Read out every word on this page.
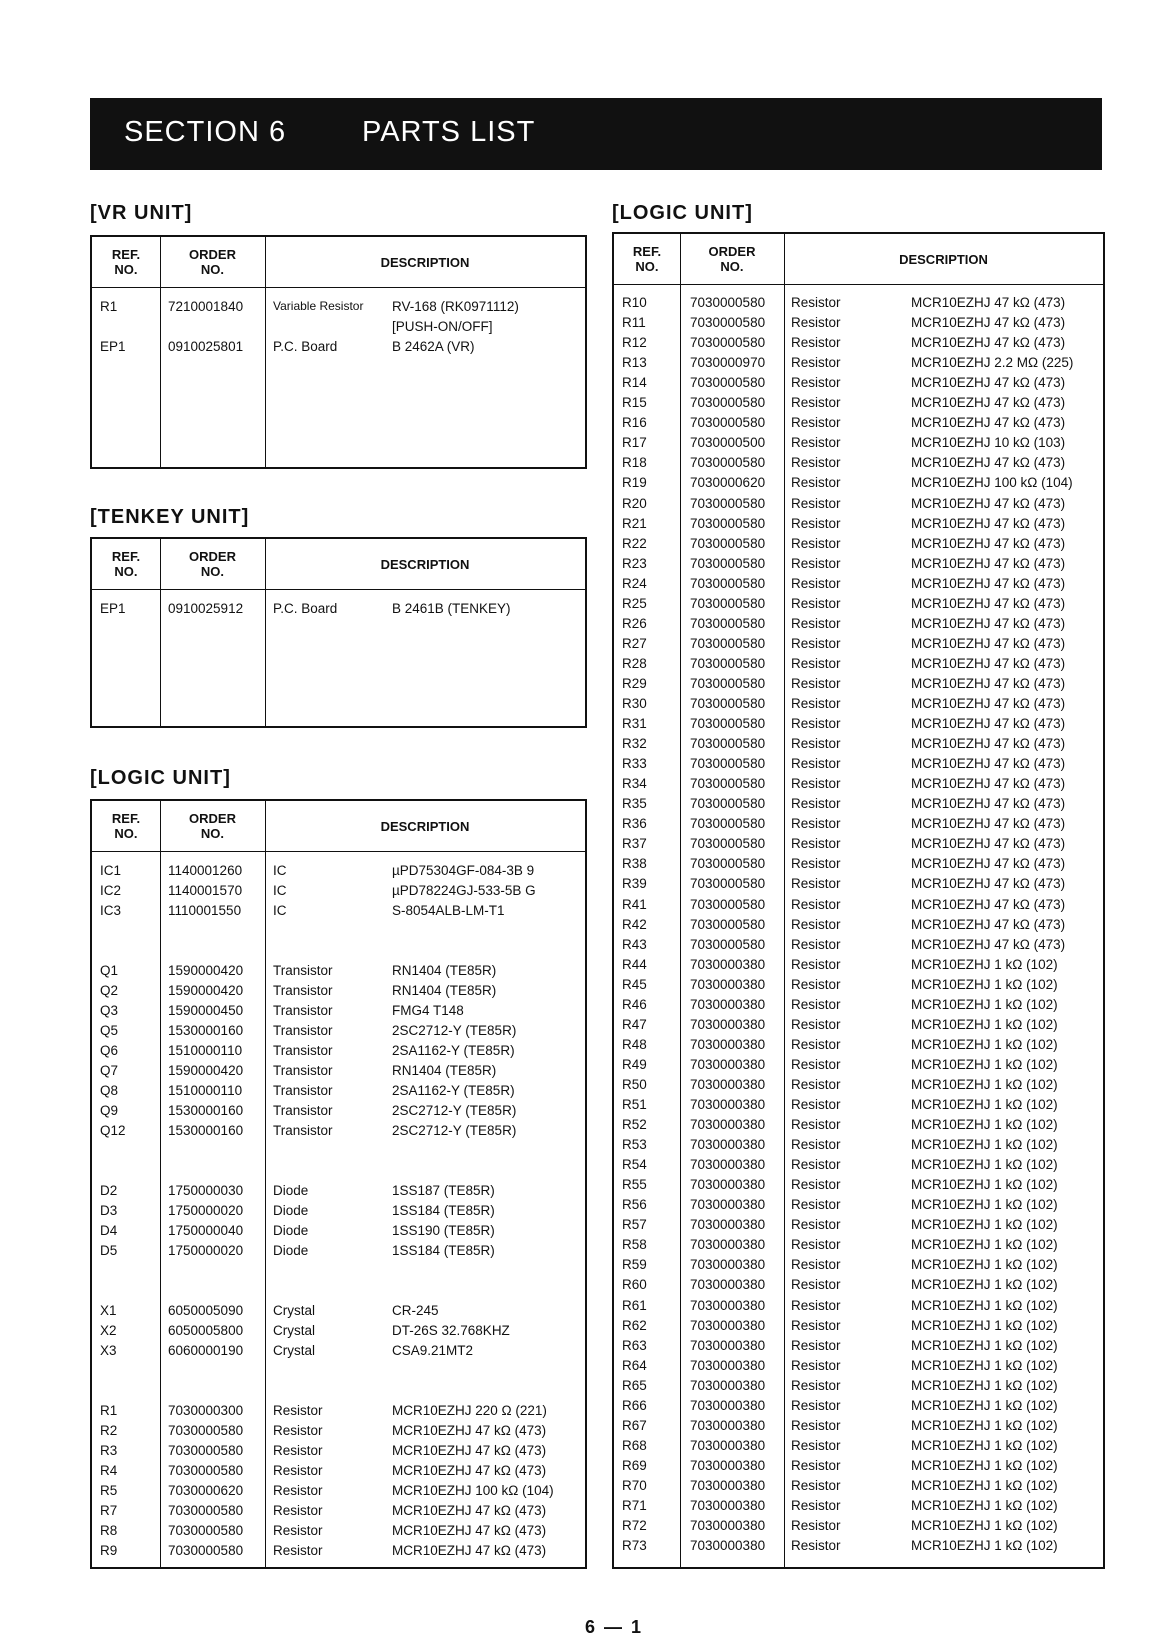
SECTION 6	PARTS LIST
[VR UNIT]
REF.
NO.
ORDER
NO.	DESCRIPTION
R1	7210001840 Variable Resistor RV-168 (RK0971112)
[PUSH-ON/OFF]
EP1	0910025801 P.C. Board	B 2462A (VR)
[TENKEY UNIT]
REF.
NO.
ORDER
NO.	DESCRIPTION
EP1	0910025912 P.C. Board	B 2461B (TENKEY)
[LOGIC UNIT]
REF.
NO.
ORDER
NO.	DESCRIPTION
IC1	1140001260 IC	µPD75304GF-084-3B 9
IC2	1140001570 IC	µPD78224GJ-533-5B G
IC3	1110001550 IC	S-8054ALB-LM-T1
Q1	1590000420 Transistor	RN1404 (TE85R)
Q2	1590000420 Transistor	RN1404 (TE85R)
Q3	1590000450 Transistor	FMG4 T148
Q5	1530000160 Transistor	2SC2712-Y (TE85R)
Q6	1510000110 Transistor	2SA1162-Y (TE85R)
Q7	1590000420 Transistor	RN1404 (TE85R)
Q8	1510000110 Transistor	2SA1162-Y (TE85R)
Q9	1530000160 Transistor	2SC2712-Y (TE85R)
Q12	1530000160 Transistor	2SC2712-Y (TE85R)
D2	1750000030 Diode	1SS187 (TE85R)
D3	1750000020 Diode	1SS184 (TE85R)
D4	1750000040 Diode	1SS190 (TE85R)
D5	1750000020 Diode	1SS184 (TE85R)
X1	6050005090 Crystal	CR-245
X2	6050005800 Crystal	DT-26S 32.768KHZ
X3	6060000190 Crystal	CSA9.21MT2
R1	7030000300 Resistor	MCR10EZHJ 220 Ω (221)
R2	7030000580 Resistor	MCR10EZHJ 47 kΩ (473)
R3	7030000580 Resistor	MCR10EZHJ 47 kΩ (473)
R4	7030000580 Resistor	MCR10EZHJ 47 kΩ (473)
R5	7030000620 Resistor	MCR10EZHJ 100 kΩ (104)
R7	7030000580 Resistor	MCR10EZHJ 47 kΩ (473)
R8	7030000580 Resistor	MCR10EZHJ 47 kΩ (473)
R9	7030000580 Resistor	MCR10EZHJ 47 kΩ (473)
[LOGIC UNIT]
REF.
NO.
ORDER
NO.	DESCRIPTION
R10	7030000580 Resistor	MCR10EZHJ 47 kΩ (473)
R11	7030000580 Resistor	MCR10EZHJ 47 kΩ (473)
R12	7030000580 Resistor	MCR10EZHJ 47 kΩ (473)
R13	7030000970 Resistor	MCR10EZHJ 2.2 MΩ (225)
R14	7030000580 Resistor	MCR10EZHJ 47 kΩ (473)
R15	7030000580 Resistor	MCR10EZHJ 47 kΩ (473)
R16	7030000580 Resistor	MCR10EZHJ 47 kΩ (473)
R17	7030000500 Resistor	MCR10EZHJ 10 kΩ (103)
R18	7030000580 Resistor	MCR10EZHJ 47 kΩ (473)
R19	7030000620 Resistor	MCR10EZHJ 100 kΩ (104)
R20	7030000580 Resistor	MCR10EZHJ 47 kΩ (473)
R21	7030000580 Resistor	MCR10EZHJ 47 kΩ (473)
R22	7030000580 Resistor	MCR10EZHJ 47 kΩ (473)
R23	7030000580 Resistor	MCR10EZHJ 47 kΩ (473)
R24	7030000580 Resistor	MCR10EZHJ 47 kΩ (473)
R25	7030000580 Resistor	MCR10EZHJ 47 kΩ (473)
R26	7030000580 Resistor	MCR10EZHJ 47 kΩ (473)
R27	7030000580 Resistor	MCR10EZHJ 47 kΩ (473)
R28	7030000580 Resistor	MCR10EZHJ 47 kΩ (473)
R29	7030000580 Resistor	MCR10EZHJ 47 kΩ (473)
R30	7030000580 Resistor	MCR10EZHJ 47 kΩ (473)
R31	7030000580 Resistor	MCR10EZHJ 47 kΩ (473)
R32	7030000580 Resistor	MCR10EZHJ 47 kΩ (473)
R33	7030000580 Resistor	MCR10EZHJ 47 kΩ (473)
R34	7030000580 Resistor	MCR10EZHJ 47 kΩ (473)
R35	7030000580 Resistor	MCR10EZHJ 47 kΩ (473)
R36	7030000580 Resistor	MCR10EZHJ 47 kΩ (473)
R37	7030000580 Resistor	MCR10EZHJ 47 kΩ (473)
R38	7030000580 Resistor	MCR10EZHJ 47 kΩ (473)
R39	7030000580 Resistor	MCR10EZHJ 47 kΩ (473)
R41	7030000580 Resistor	MCR10EZHJ 47 kΩ (473)
R42	7030000580 Resistor	MCR10EZHJ 47 kΩ (473)
R43	7030000580 Resistor	MCR10EZHJ 47 kΩ (473)
R44	7030000380 Resistor	MCR10EZHJ 1 kΩ (102)
R45	7030000380 Resistor	MCR10EZHJ 1 kΩ (102)
R46	7030000380 Resistor	MCR10EZHJ 1 kΩ (102)
R47	7030000380 Resistor	MCR10EZHJ 1 kΩ (102)
R48	7030000380 Resistor	MCR10EZHJ 1 kΩ (102)
R49	7030000380 Resistor	MCR10EZHJ 1 kΩ (102)
R50	7030000380 Resistor	MCR10EZHJ 1 kΩ (102)
R51	7030000380 Resistor	MCR10EZHJ 1 kΩ (102)
R52	7030000380 Resistor	MCR10EZHJ 1 kΩ (102)
R53	7030000380 Resistor	MCR10EZHJ 1 kΩ (102)
R54	7030000380 Resistor	MCR10EZHJ 1 kΩ (102)
R55	7030000380 Resistor	MCR10EZHJ 1 kΩ (102)
R56	7030000380 Resistor	MCR10EZHJ 1 kΩ (102)
R57	7030000380 Resistor	MCR10EZHJ 1 kΩ (102)
R58	7030000380 Resistor	MCR10EZHJ 1 kΩ (102)
R59	7030000380 Resistor	MCR10EZHJ 1 kΩ (102)
R60	7030000380 Resistor	MCR10EZHJ 1 kΩ (102)
R61	7030000380 Resistor	MCR10EZHJ 1 kΩ (102)
R62	7030000380 Resistor	MCR10EZHJ 1 kΩ (102)
R63	7030000380 Resistor	MCR10EZHJ 1 kΩ (102)
R64	7030000380 Resistor	MCR10EZHJ 1 kΩ (102)
R65	7030000380 Resistor	MCR10EZHJ 1 kΩ (102)
R66	7030000380 Resistor	MCR10EZHJ 1 kΩ (102)
R67	7030000380 Resistor	MCR10EZHJ 1 kΩ (102)
R68	7030000380 Resistor	MCR10EZHJ 1 kΩ (102)
R69	7030000380 Resistor	MCR10EZHJ 1 kΩ (102)
R70	7030000380 Resistor	MCR10EZHJ 1 kΩ (102)
R71	7030000380 Resistor	MCR10EZHJ 1 kΩ (102)
R72	7030000380 Resistor	MCR10EZHJ 1 kΩ (102)
R73	7030000380 Resistor	MCR10EZHJ 1 kΩ (102)
6 — 1
